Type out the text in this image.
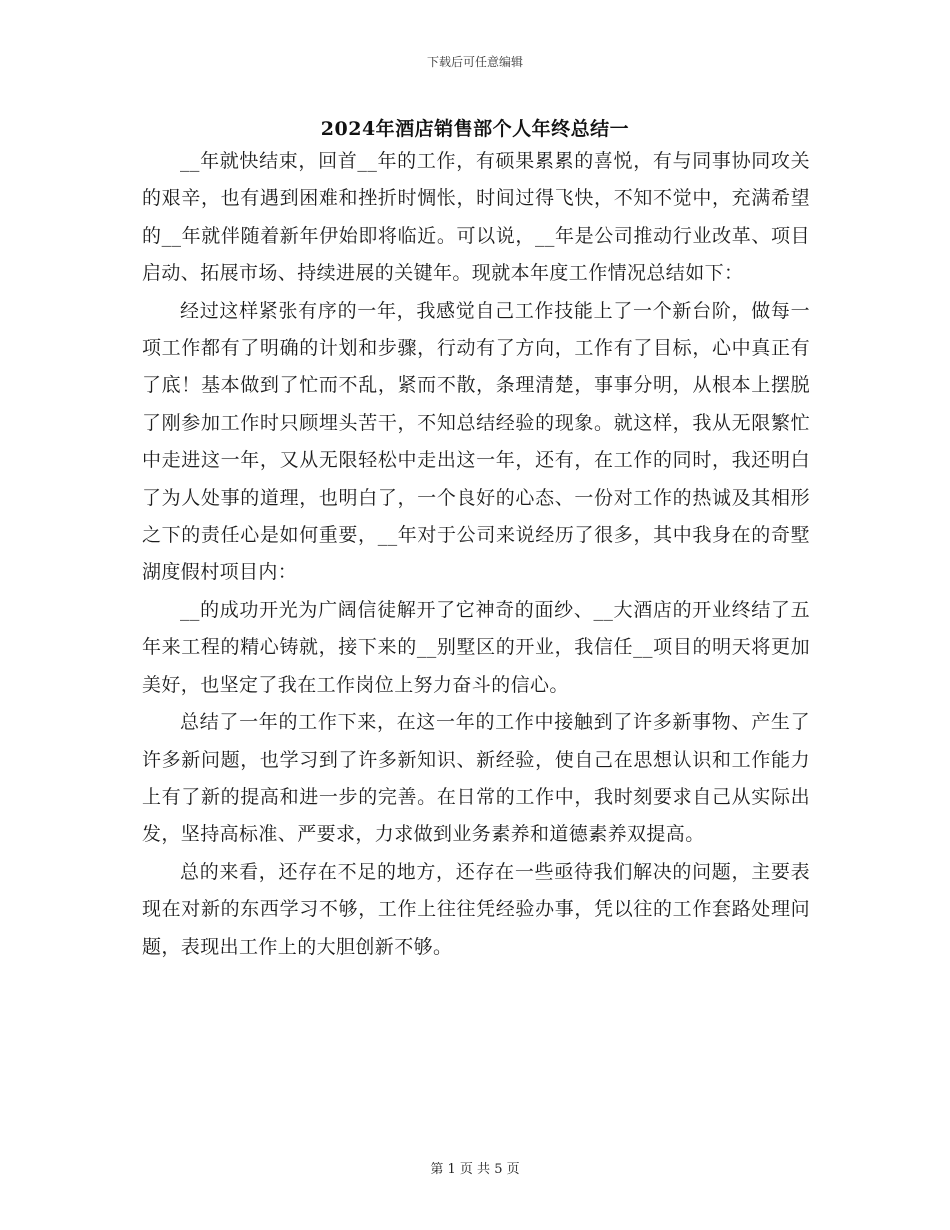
下载后可任意编辑
2024年酒店销售部个人年终总结一

__年就快结束，回首__年的工作，有硕果累累的喜悦，有与同事协同攻关的艰辛，也有遇到困难和挫折时惆怅，时间过得飞快，不知不觉中，充满希望的__年就伴随着新年伊始即将临近。可以说，__年是公司推动行业改革、项目启动、拓展市场、持续进展的关键年。现就本年度工作情况总结如下：

经过这样紧张有序的一年，我感觉自己工作技能上了一个新台阶，做每一项工作都有了明确的计划和步骤，行动有了方向，工作有了目标，心中真正有了底！基本做到了忙而不乱，紧而不散，条理清楚，事事分明，从根本上摆脱了刚参加工作时只顾埋头苦干，不知总结经验的现象。就这样，我从无限繁忙中走进这一年，又从无限轻松中走出这一年，还有，在工作的同时，我还明白了为人处事的道理，也明白了，一个良好的心态、一份对工作的热诚及其相形之下的责任心是如何重要，__年对于公司来说经历了很多，其中我身在的奇墅湖度假村项目内：

__的成功开光为广阔信徒解开了它神奇的面纱、__大酒店的开业终结了五年来工程的精心铸就，接下来的__别墅区的开业，我信任__项目的明天将更加美好，也坚定了我在工作岗位上努力奋斗的信心。

总结了一年的工作下来，在这一年的工作中接触到了许多新事物、产生了许多新问题，也学习到了许多新知识、新经验，使自己在思想认识和工作能力上有了新的提高和进一步的完善。在日常的工作中，我时刻要求自己从实际出发，坚持高标准、严要求，力求做到业务素养和道德素养双提高。

总的来看，还存在不足的地方，还存在一些亟待我们解决的问题，主要表现在对新的东西学习不够，工作上往往凭经验办事，凭以往的工作套路处理问题，表现出工作上的大胆创新不够。

第 1 页 共 5 页
